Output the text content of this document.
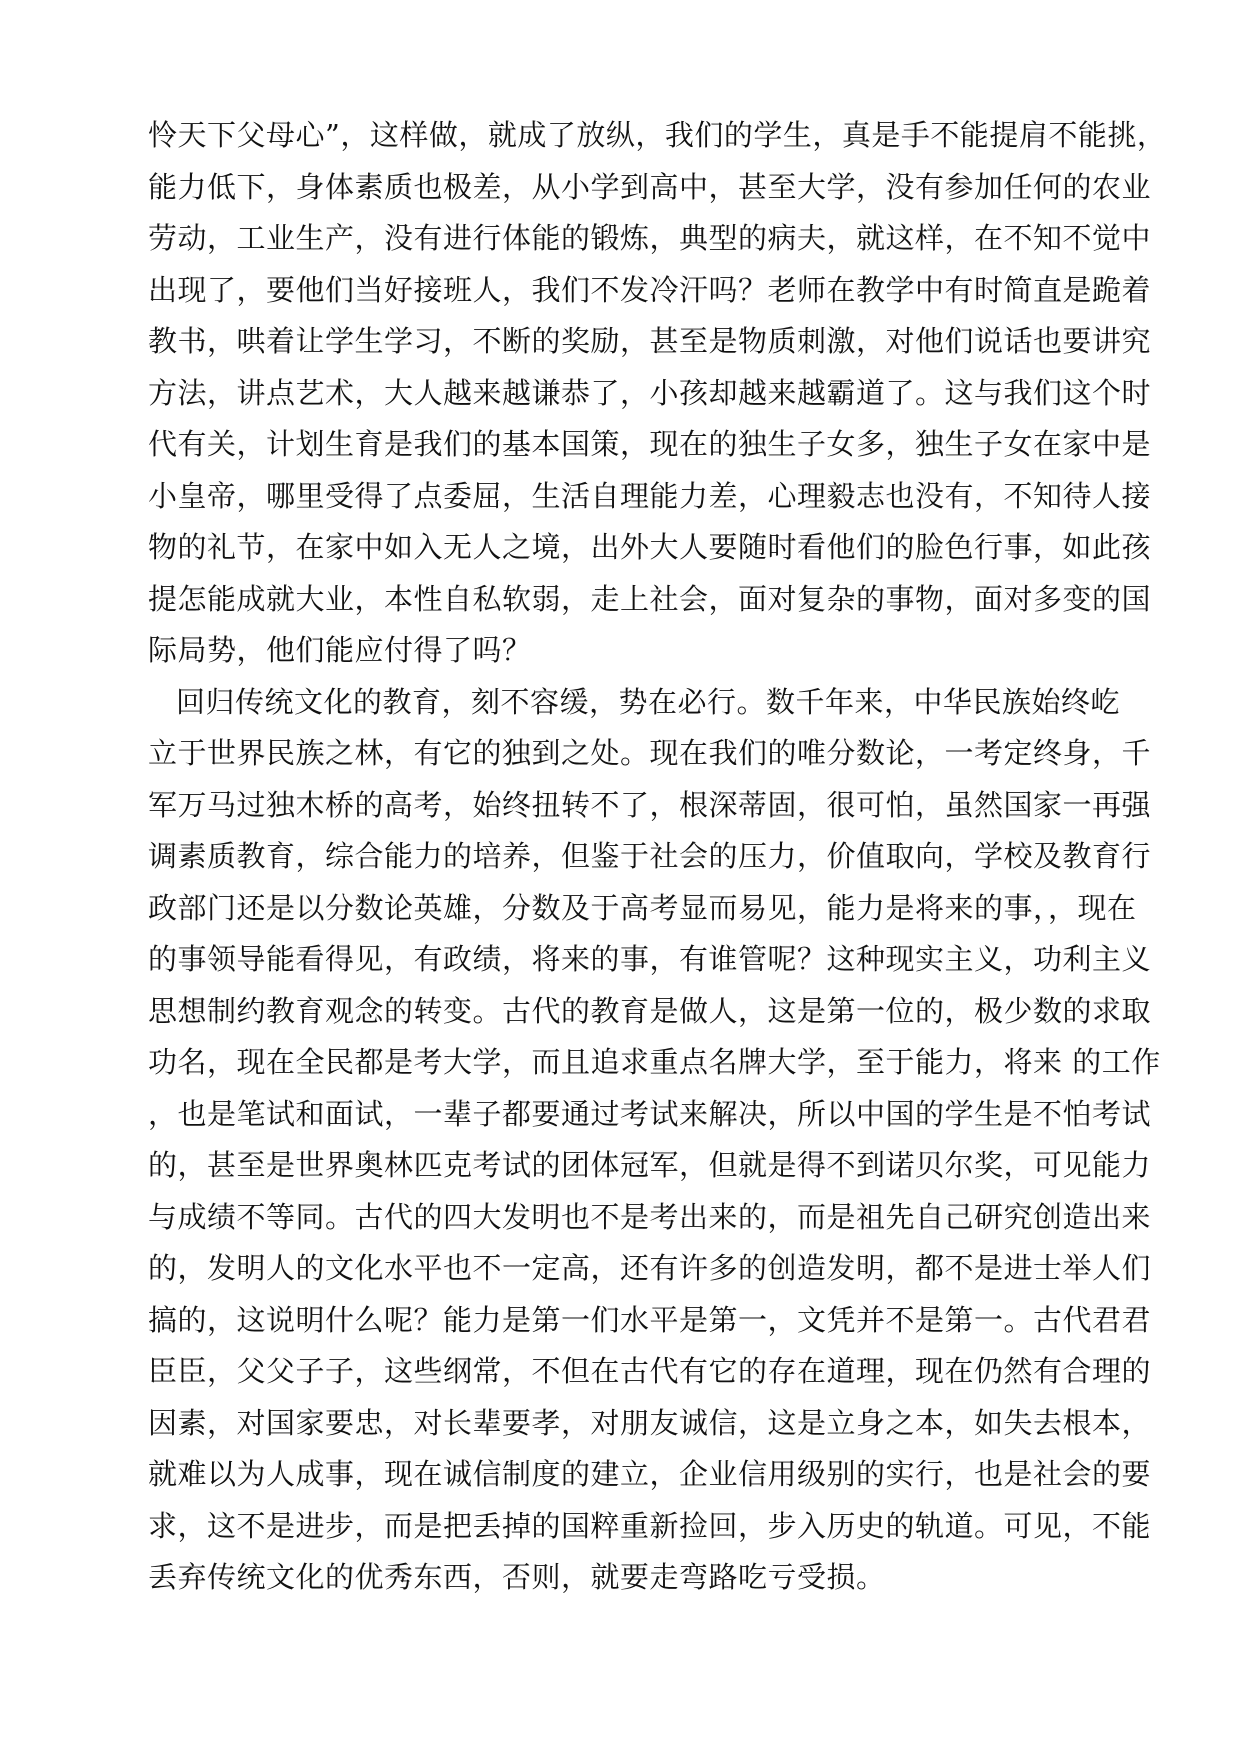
怜天下父母心”，这样做，就成了放纵，我们的学生，真是手不能提肩不能挑，
能力低下，身体素质也极差，从小学到高中，甚至大学，没有参加任何的农业
劳动，工业生产，没有进行体能的锻炼，典型的病夫，就这样，在不知不觉中
出现了，要他们当好接班人，我们不发冷汗吗？老师在教学中有时简直是跪着
教书，哄着让学生学习，不断的奖励，甚至是物质刺激，对他们说话也要讲究
方法，讲点艺术，大人越来越谦恭了，小孩却越来越霸道了。这与我们这个时
代有关，计划生育是我们的基本国策，现在的独生子女多，独生子女在家中是
小皇帝，哪里受得了点委屈，生活自理能力差，心理毅志也没有，不知待人接
物的礼节，在家中如入无人之境，出外大人要随时看他们的脸色行事，如此孩
提怎能成就大业，本性自私软弱，走上社会，面对复杂的事物，面对多变的国
际局势，他们能应付得了吗？
回归传统文化的教育，刻不容缓，势在必行。数千年来，中华民族始终屹
立于世界民族之林，有它的独到之处。现在我们的唯分数论，一考定终身，千
军万马过独木桥的高考，始终扭转不了，根深蒂固，很可怕，虽然国家一再强
调素质教育，综合能力的培养，但鉴于社会的压力，价值取向，学校及教育行
政部门还是以分数论英雄，分数及于高考显而易见，能力是将来的事，，现在
的事领导能看得见，有政绩，将来的事，有谁管呢？这种现实主义，功利主义
思想制约教育观念的转变。古代的教育是做人，这是第一位的，极少数的求取
功名，现在全民都是考大学，而且追求重点名牌大学，至于能力，将来 的工作
，也是笔试和面试，一辈子都要通过考试来解决，所以中国的学生是不怕考试
的，甚至是世界奥林匹克考试的团体冠军，但就是得不到诺贝尔奖，可见能力
与成绩不等同。古代的四大发明也不是考出来的，而是祖先自己研究创造出来
的，发明人的文化水平也不一定高，还有许多的创造发明，都不是进士举人们
搞的，这说明什么呢？能力是第一们水平是第一，文凭并不是第一。古代君君
臣臣，父父子子，这些纲常，不但在古代有它的存在道理，现在仍然有合理的
因素，对国家要忠，对长辈要孝，对朋友诚信，这是立身之本，如失去根本，
就难以为人成事，现在诚信制度的建立，企业信用级别的实行，也是社会的要
求，这不是进步，而是把丢掉的国粹重新捡回，步入历史的轨道。可见，不能
丢弃传统文化的优秀东西，否则，就要走弯路吃亏受损。
